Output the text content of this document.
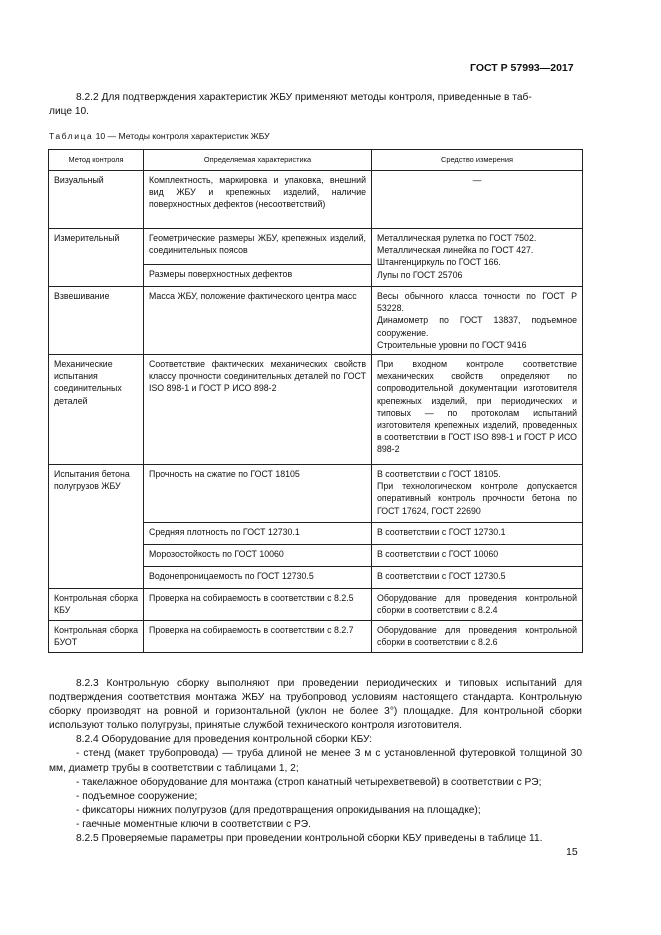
ГОСТ Р 57993—2017
8.2.2 Для подтверждения характеристик ЖБУ применяют методы контроля, приведенные в таб-
лице 10.
Таблица 10 — Методы контроля характеристик ЖБУ
Метод контроля	Определяемая характеристика	Средство измерения
Визуальный	Комплектность, маркировка и упаковка, внешний вид ЖБУ и крепежных изделий, наличие поверхностных дефектов (несоответствий)	—
Измерительный	Геометрические размеры ЖБУ, крепежных изделий, соединительных поясов	Металлическая рулетка по ГОСТ 7502.
Металлическая линейка по ГОСТ 427.
Штангенциркуль по ГОСТ 166.
Лупы по ГОСТ 25706

	Размеры поверхностных дефектов	
Взвешивание	Масса ЖБУ, положение фактического центра масс	Весы обычного класса точности по ГОСТ Р 53228.
Динамометр по ГОСТ 13837, подъемное сооружение.
Строительные уровни по ГОСТ 9416

Механические испытания соединительных деталей	Соответствие фактических механических свойств классу прочности соединительных деталей по ГОСТ ISO 898-1 и ГОСТ Р ИСО 898-2	При входном контроле соответствие механических свойств определяют по сопроводительной документации изготовителя крепежных изделий, при периодических и типовых — по протоколам испытаний изготовителя крепежных изделий, проведенных в соответствии в ГОСТ ISO 898-1 и ГОСТ Р ИСО 898-2
Испытания бетона полугрузов ЖБУ	Прочность на сжатие по ГОСТ 18105	В соответствии с ГОСТ 18105.
При технологическом контроле допускается оперативный контроль прочности бетона по ГОСТ 17624, ГОСТ 22690

	Средняя плотность по ГОСТ 12730.1	В соответствии с ГОСТ 12730.1
	Морозостойкость по ГОСТ 10060	В соответствии с ГОСТ 10060
	Водонепроницаемость по ГОСТ 12730.5	В соответствии с ГОСТ 12730.5
Контрольная сборка КБУ	Проверка на собираемость в соответствии с 8.2.5	Оборудование для проведения контрольной сборки в соответствии с 8.2.4
Контрольная сборка БУОТ	Проверка на собираемость в соответствии с 8.2.7	Оборудование для проведения контрольной сборки в соответствии с 8.2.6
8.2.3 Контрольную сборку выполняют при проведении периодических и типовых испытаний для подтверждения соответствия монтажа ЖБУ на трубопровод условиям настоящего стандарта. Контрольную сборку производят на ровной и горизонтальной (уклон не более 3°) площадке. Для контрольной сборки используют только полугрузы, принятые службой технического контроля изготовителя.
8.2.4 Оборудование для проведения контрольной сборки КБУ:
- стенд (макет трубопровода) — труба длиной не менее 3 м с установленной футеровкой толщиной 30 мм, диаметр трубы в соответствии с таблицами 1, 2;
- такелажное оборудование для монтажа (строп канатный четырехветвевой) в соответствии с РЭ;
- подъемное сооружение;
- фиксаторы нижних полугрузов (для предотвращения опрокидывания на площадке);
- гаечные моментные ключи в соответствии с РЭ.
8.2.5 Проверяемые параметры при проведении контрольной сборки КБУ приведены в таблице 11.
15
